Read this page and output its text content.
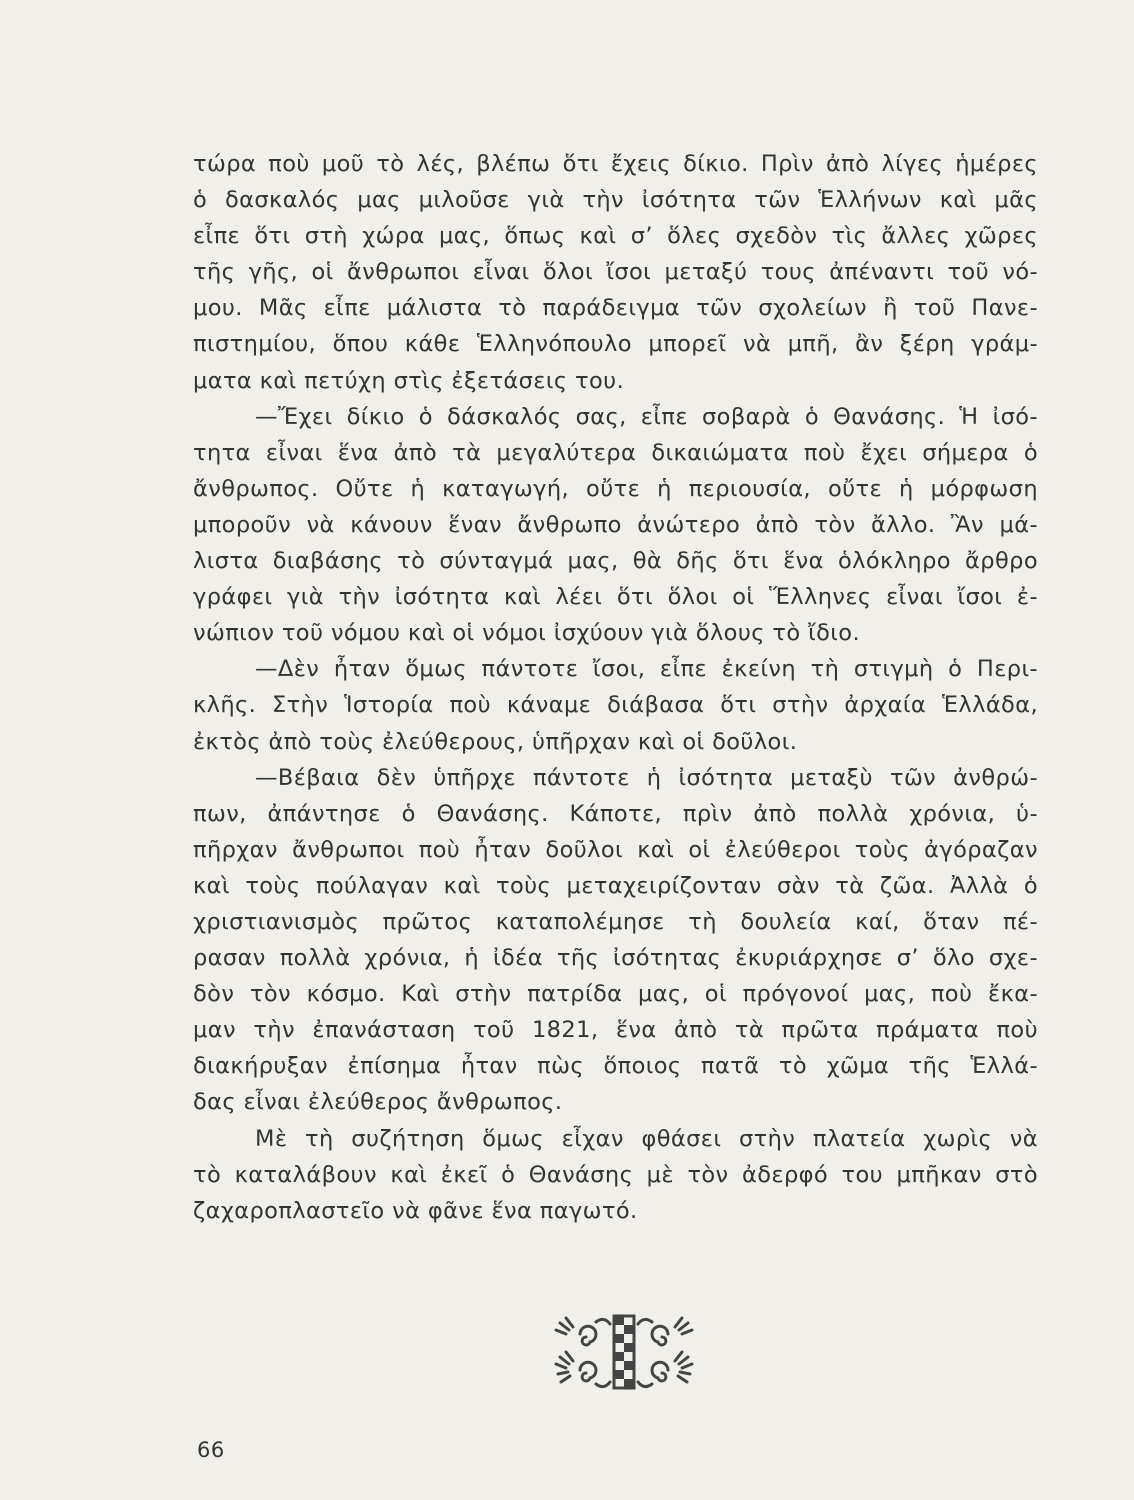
τώρα ποὺ μοῦ τὸ λές, βλέπω ὅτι ἔχεις δίκιο. Πρὶν ἀπὸ λίγες ἡμέρες
ὁ δασκαλός μας μιλοῦσε γιὰ τὴν ἰσότητα τῶν Ἑλλήνων καὶ μᾶς
εἶπε ὅτι στὴ χώρα μας, ὅπως καὶ σ’ ὅλες σχεδὸν τὶς ἄλλες χῶρες
τῆς γῆς, οἱ ἄνθρωποι εἶναι ὅλοι ἴσοι μεταξύ τους ἀπέναντι τοῦ νό-
μου. Μᾶς εἶπε μάλιστα τὸ παράδειγμα τῶν σχολείων ἢ τοῦ Πανε-
πιστημίου, ὅπου κάθε Ἑλληνόπουλο μπορεῖ νὰ μπῆ, ἂν ξέρη γράμ-
ματα καὶ πετύχη στὶς ἐξετάσεις του.
—Ἔχει δίκιο ὁ δάσκαλός σας, εἶπε σοβαρὰ ὁ Θανάσης. Ἡ ἰσό-
τητα εἶναι ἕνα ἀπὸ τὰ μεγαλύτερα δικαιώματα ποὺ ἔχει σήμερα ὁ
ἄνθρωπος. Οὔτε ἡ καταγωγή, οὔτε ἡ περιουσία, οὔτε ἡ μόρφωση
μποροῦν νὰ κάνουν ἕναν ἄνθρωπο ἀνώτερο ἀπὸ τὸν ἄλλο. Ἂν μά-
λιστα διαβάσης τὸ σύνταγμά μας, θὰ δῆς ὅτι ἕνα ὁλόκληρο ἄρθρο
γράφει γιὰ τὴν ἰσότητα καὶ λέει ὅτι ὅλοι οἱ Ἕλληνες εἶναι ἴσοι ἐ-
νώπιον τοῦ νόμου καὶ οἱ νόμοι ἰσχύουν γιὰ ὅλους τὸ ἴδιο.
—Δὲν ἦταν ὅμως πάντοτε ἴσοι, εἶπε ἐκείνη τὴ στιγμὴ ὁ Περι-
κλῆς. Στὴν Ἱστορία ποὺ κάναμε διάβασα ὅτι στὴν ἀρχαία Ἑλλάδα,
ἐκτὸς ἀπὸ τοὺς ἐλεύθερους, ὑπῆρχαν καὶ οἱ δοῦλοι.
—Βέβαια δὲν ὑπῆρχε πάντοτε ἡ ἰσότητα μεταξὺ τῶν ἀνθρώ-
πων, ἀπάντησε ὁ Θανάσης. Κάποτε, πρὶν ἀπὸ πολλὰ χρόνια, ὑ-
πῆρχαν ἄνθρωποι ποὺ ἦταν δοῦλοι καὶ οἱ ἐλεύθεροι τοὺς ἀγόραζαν
καὶ τοὺς πούλαγαν καὶ τοὺς μεταχειρίζονταν σὰν τὰ ζῶα. Ἀλλὰ ὁ
χριστιανισμὸς πρῶτος καταπολέμησε τὴ δουλεία καί, ὅταν πέ-
ρασαν πολλὰ χρόνια, ἡ ἰδέα τῆς ἰσότητας ἐκυριάρχησε σ’ ὅλο σχε-
δὸν τὸν κόσμο. Καὶ στὴν πατρίδα μας, οἱ πρόγονοί μας, ποὺ ἔκα-
μαν τὴν ἐπανάσταση τοῦ 1821, ἕνα ἀπὸ τὰ πρῶτα πράματα ποὺ
διακήρυξαν ἐπίσημα ἦταν πὼς ὅποιος πατᾶ τὸ χῶμα τῆς Ἑλλά-
δας εἶναι ἐλεύθερος ἄνθρωπος.
Μὲ τὴ συζήτηση ὅμως εἶχαν φθάσει στὴν πλατεία χωρὶς νὰ
τὸ καταλάβουν καὶ ἐκεῖ ὁ Θανάσης μὲ τὸν ἀδερφό του μπῆκαν στὸ
ζαχαροπλαστεῖο νὰ φᾶνε ἕνα παγωτό.
66
